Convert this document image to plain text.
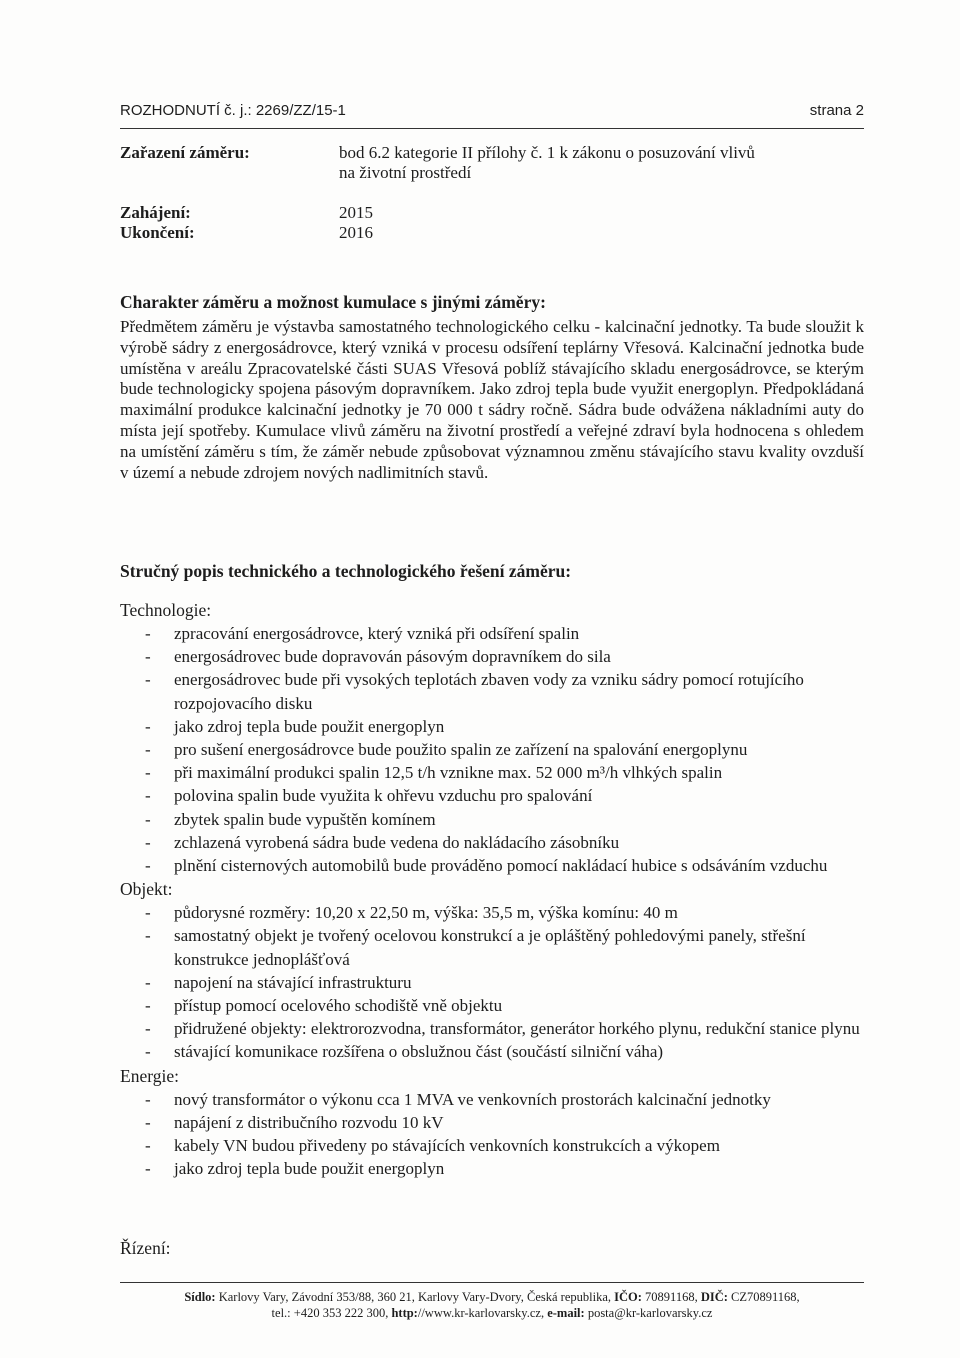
ROZHODNUTÍ č. j.: 2269/ZZ/15-1	strana 2
Zařazení záměru:	bod 6.2 kategorie II přílohy č. 1 k zákonu o posuzování vlivů
na životní prostředí
Zahájení:	2015
Ukončení:	2016
Charakter záměru a možnost kumulace s jinými záměry:

Předmětem záměru je výstavba samostatného technologického celku - kalcinační jednotky. Ta bude sloužit k výrobě sádry z energosádrovce, který vzniká v procesu odsíření teplárny Vřesová. Kalcinační jednotka bude umístěna v areálu Zpracovatelské části SUAS Vřesová poblíž stávajícího skladu energosádrovce, se kterým bude technologicky spojena pásovým dopravníkem. Jako zdroj tepla bude využit energoplyn. Předpokládaná maximální produkce kalcinační jednotky je 70 000 t sádry ročně. Sádra bude odvážena nákladními auty do místa její spotřeby. Kumulace vlivů záměru na životní prostředí a veřejné zdraví byla hodnocena s ohledem na umístění záměru s tím, že záměr nebude způsobovat významnou změnu stávajícího stavu kvality ovzduší v území a nebude zdrojem nových nadlimitních stavů.

Stručný popis technického a technologického řešení záměru:
Technologie:
- zpracování energosádrovce, který vzniká při odsíření spalin
- energosádrovec bude dopravován pásovým dopravníkem do sila
- energosádrovec bude při vysokých teplotách zbaven vody za vzniku sádry pomocí rotujícího rozpojovacího disku
- jako zdroj tepla bude použit energoplyn
- pro sušení energosádrovce bude použito spalin ze zařízení na spalování energoplynu
- při maximální produkci spalin 12,5 t/h vznikne max. 52 000 m³/h vlhkých spalin
- polovina spalin bude využita k ohřevu vzduchu pro spalování
- zbytek spalin bude vypuštěn komínem
- zchlazená vyrobená sádra bude vedena do nakládacího zásobníku
- plnění cisternových automobilů bude prováděno pomocí nakládací hubice s odsáváním vzduchu
Objekt:
- půdorysné rozměry: 10,20 x 22,50 m, výška: 35,5 m, výška komínu: 40 m
- samostatný objekt je tvořený ocelovou konstrukcí a je opláštěný pohledovými panely, střešní konstrukce jednoplášťová
- napojení na stávající infrastrukturu
- přístup pomocí ocelového schodiště vně objektu
- přidružené objekty: elektrorozvodna, transformátor, generátor horkého plynu, redukční stanice plynu
- stávající komunikace rozšířena o obslužnou část (součástí silniční váha)
Energie:
- nový transformátor o výkonu cca 1 MVA ve venkovních prostorách kalcinační jednotky
- napájení z distribučního rozvodu 10 kV
- kabely VN budou přivedeny po stávajících venkovních konstrukcích a výkopem
- jako zdroj tepla bude použit energoplyn
Řízení:
Sídlo: Karlovy Vary, Závodní 353/88, 360 21, Karlovy Vary-Dvory, Česká republika, IČO: 70891168, DIČ: CZ70891168,
tel.: +420 353 222 300, http://www.kr-karlovarsky.cz, e-mail: posta@kr-karlovarsky.cz
